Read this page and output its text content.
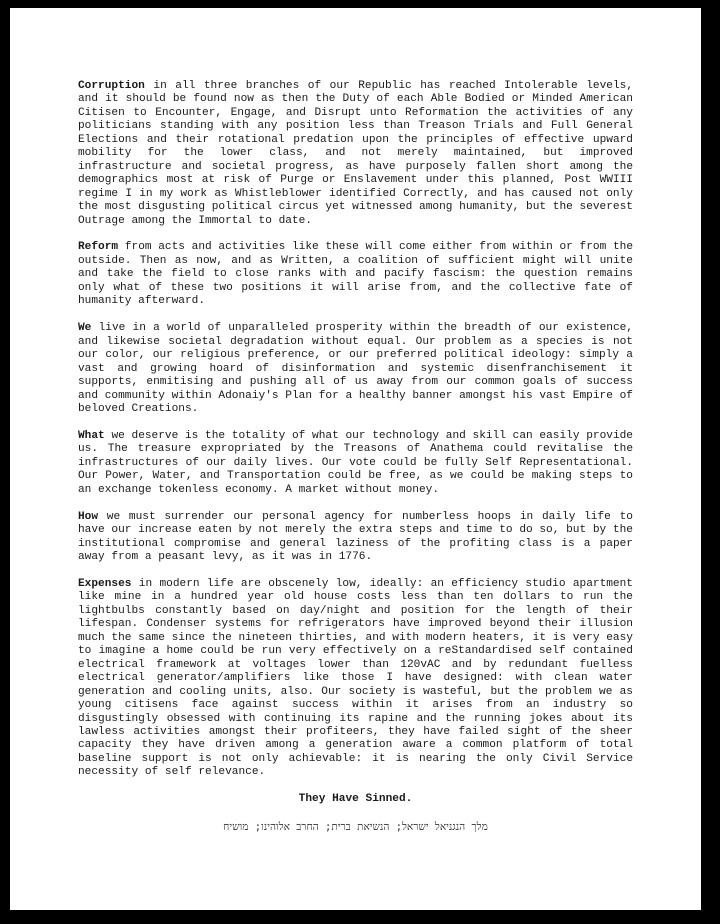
Corruption in all three branches of our Republic has reached Intolerable levels, and it should be found now as then the Duty of each Able Bodied or Minded American Citisen to Encounter, Engage, and Disrupt unto Reformation the activities of any politicians standing with any position less than Treason Trials and Full General Elections and their rotational predation upon the principles of effective upward mobility for the lower class, and not merely maintained, but improved infrastructure and societal progress, as have purposely fallen short among the demographics most at risk of Purge or Enslavement under this planned, Post WWIII regime I in my work as Whistleblower identified Correctly, and has caused not only the most disgusting political circus yet witnessed among humanity, but the severest Outrage among the Immortal to date.

Reform from acts and activities like these will come either from within or from the outside. Then as now, and as Written, a coalition of sufficient might will unite and take the field to close ranks with and pacify fascism: the question remains only what of these two positions it will arise from, and the collective fate of humanity afterward.

We live in a world of unparalleled prosperity within the breadth of our existence, and likewise societal degradation without equal. Our problem as a species is not our color, our religious preference, or our preferred political ideology: simply a vast and growing hoard of disinformation and systemic disenfranchisement it supports, enmitising and pushing all of us away from our common goals of success and community within Adonaiy's Plan for a healthy banner amongst his vast Empire of beloved Creations.

What we deserve is the totality of what our technology and skill can easily provide us. The treasure expropriated by the Treasons of Anathema could revitalise the infrastructures of our daily lives. Our vote could be fully Self Representational. Our Power, Water, and Transportation could be free, as we could be making steps to an exchange tokenless economy. A market without money.

How we must surrender our personal agency for numberless hoops in daily life to have our increase eaten by not merely the extra steps and time to do so, but by the institutional compromise and general laziness of the profiting class is a paper away from a peasant levy, as it was in 1776.

Expenses in modern life are obscenely low, ideally: an efficiency studio apartment like mine in a hundred year old house costs less than ten dollars to run the lightbulbs constantly based on day/night and position for the length of their lifespan. Condenser systems for refrigerators have improved beyond their illusion much the same since the nineteen thirties, and with modern heaters, it is very easy to imagine a home could be run very effectively on a reStandardised self contained electrical framework at voltages lower than 120vAC and by redundant fuelless electrical generator/amplifiers like those I have designed: with clean water generation and cooling units, also. Our society is wasteful, but the problem we as young citisens face against success within it arises from an industry so disgustingly obsessed with continuing its rapine and the running jokes about its lawless activities amongst their profiteers, they have failed sight of the sheer capacity they have driven among a generation aware a common platform of total baseline support is not only achievable: it is nearing the only Civil Service necessity of self relevance.

They Have Sinned.
מלך הנגניאל ישראל; הנשיאת ברית; החרב אלוהינו; מושיח
